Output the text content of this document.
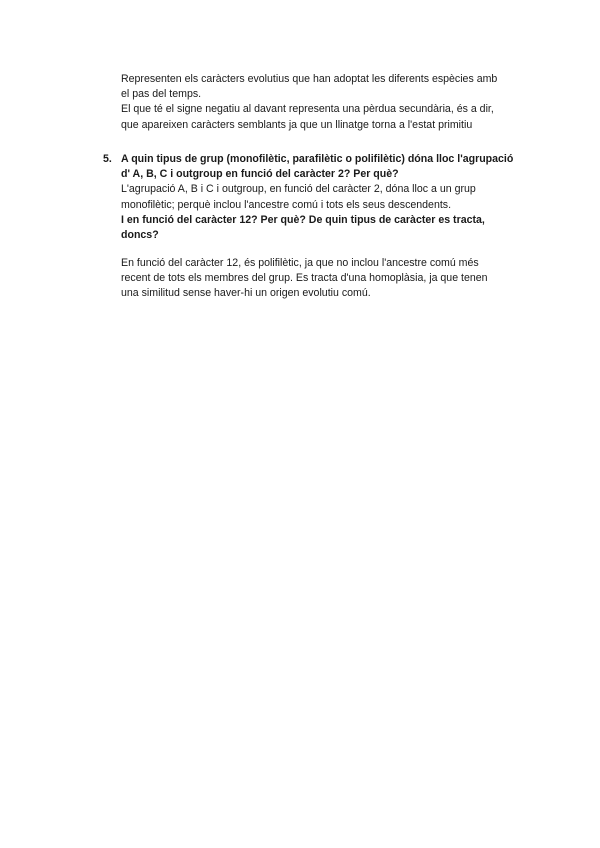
Representen els caràcters evolutius que han adoptat les diferents espècies amb
el pas del temps.
El que té el signe negatiu al davant representa una pèrdua secundària, és a dir,
que apareixen caràcters semblants ja que un llinatge torna a l'estat primitiu
5. A quin tipus de grup (monofilètic, parafilètic o polifilètic) dóna lloc l'agrupació
d' A, B, C i outgroup en funció del caràcter 2? Per què?
L'agrupació A, B i C i outgroup, en funció del caràcter 2, dóna lloc a un grup
monofilètic; perquè inclou l'ancestre comú i tots els seus descendents.
I en funció del caràcter 12? Per què? De quin tipus de caràcter es tracta,
doncs?
En funció del caràcter 12, és polifilètic, ja que no inclou l'ancestre comú més
recent de tots els membres del grup. Es tracta d'una homoplàsia, ja que tenen
una similitud sense haver-hi un origen evolutiu comú.
